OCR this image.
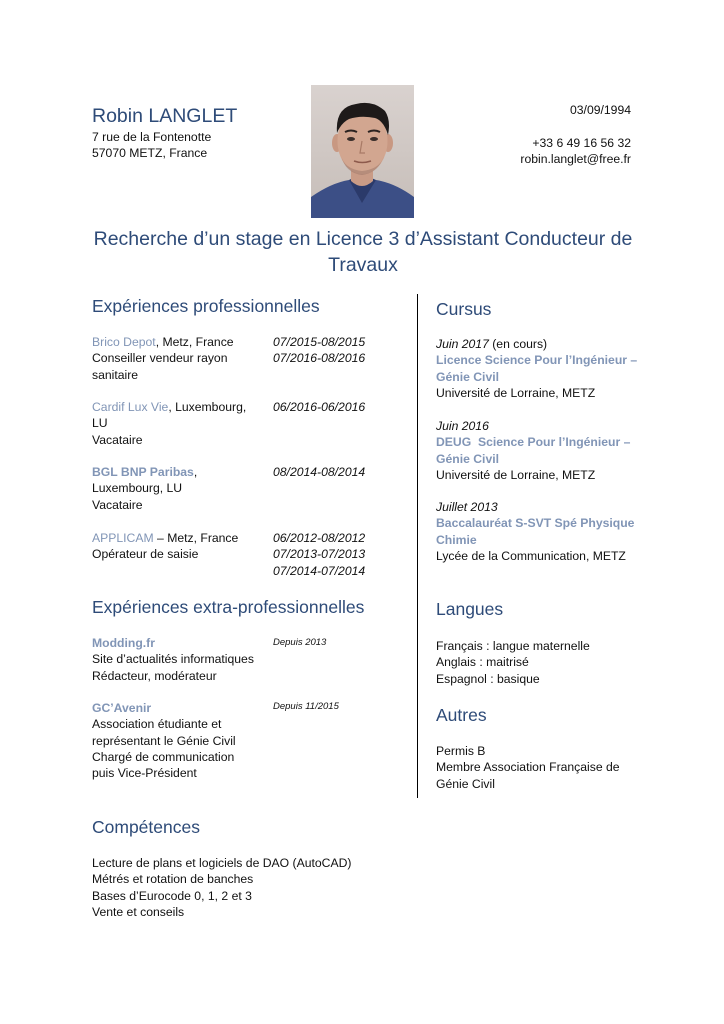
Robin LANGLET
7 rue de la Fontenotte
57070 METZ, France
03/09/1994
+33 6 49 16 56 32
robin.langlet@free.fr
Recherche d’un stage en Licence 3 d’Assistant Conducteur de
Travaux
Expériences professionnelles
Brico Depot, Metz, France
Conseiller vendeur rayon
sanitaire
07/2015-08/2015
07/2016-08/2016
Cardif Lux Vie, Luxembourg,
LU
Vacataire
06/2016-06/2016
BGL BNP Paribas,
Luxembourg, LU
Vacataire
08/2014-08/2014
APPLICAM – Metz, France
Opérateur de saisie
06/2012-08/2012
07/2013-07/2013
07/2014-07/2014
Expériences extra-professionnelles
Modding.fr
Site d’actualités informatiques
Rédacteur, modérateur
Depuis 2013
GC’Avenir
Association étudiante et
représentant le Génie Civil
Chargé de communication
puis Vice-Président
Depuis 11/2015
Compétences
Lecture de plans et logiciels de DAO (AutoCAD)
Métrés et rotation de banches
Bases d’Eurocode 0, 1, 2 et 3
Vente et conseils
Cursus
Juin 2017 (en cours)
Licence Science Pour l’Ingénieur –
Génie Civil
Université de Lorraine, METZ
Juin 2016
DEUG  Science Pour l’Ingénieur –
Génie Civil
Université de Lorraine, METZ
Juillet 2013
Baccalauréat S-SVT Spé Physique
Chimie
Lycée de la Communication, METZ
Langues
Français : langue maternelle
Anglais : maitrisé
Espagnol : basique
Autres
Permis B
Membre Association Française de
Génie Civil
